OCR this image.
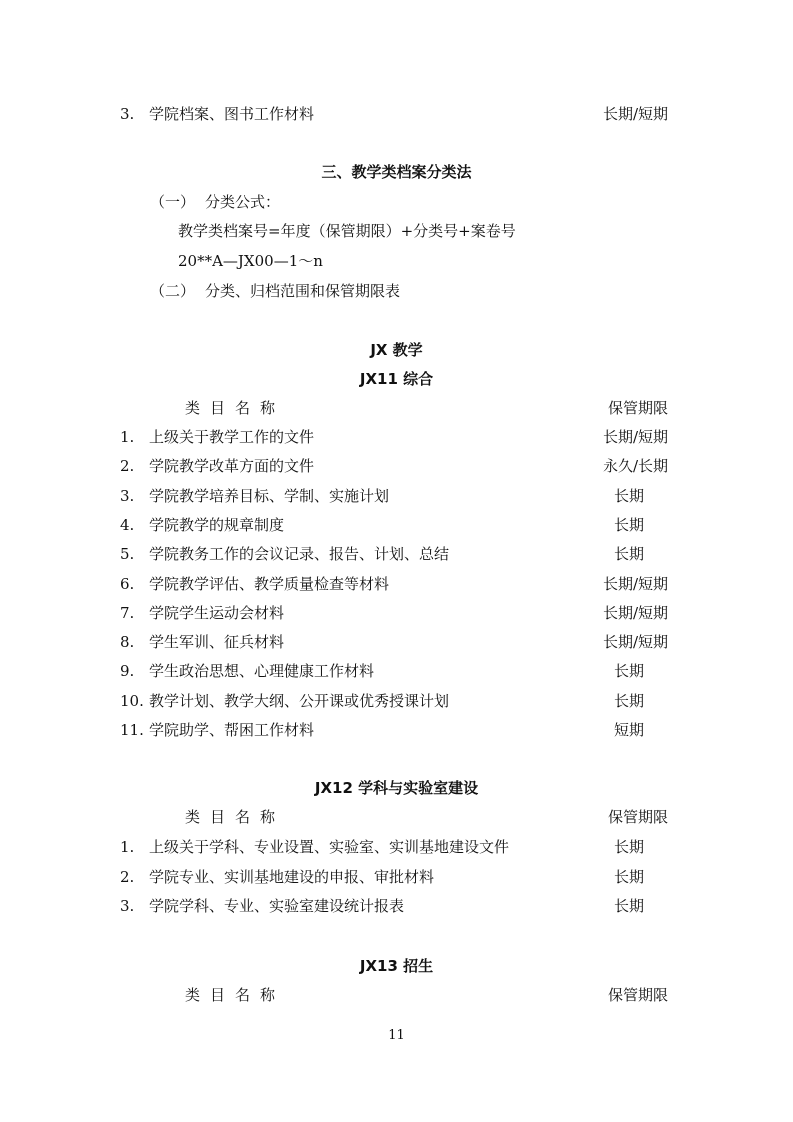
3. 学院档案、图书工作材料	长期/短期
三、教学类档案分类法
（一） 分类公式：
教学类档案号=年度（保管期限）+分类号+案卷号
20**A—JX00—1～n
（二） 分类、归档范围和保管期限表
JX 教学
JX11 综合
类目名称	保管期限
1. 上级关于教学工作的文件	长期/短期
2. 学院教学改革方面的文件	永久/长期
3. 学院教学培养目标、学制、实施计划	长期
4. 学院教学的规章制度	长期
5. 学院教务工作的会议记录、报告、计划、总结	长期
6. 学院教学评估、教学质量检查等材料	长期/短期
7. 学院学生运动会材料	长期/短期
8. 学生军训、征兵材料	长期/短期
9. 学生政治思想、心理健康工作材料	长期
10. 教学计划、教学大纲、公开课或优秀授课计划	长期
11. 学院助学、帮困工作材料	短期
JX12 学科与实验室建设
类目名称	保管期限
1. 上级关于学科、专业设置、实验室、实训基地建设文件	长期
2. 学院专业、实训基地建设的申报、审批材料	长期
3. 学院学科、专业、实验室建设统计报表	长期
JX13 招生
类目名称	保管期限
11
